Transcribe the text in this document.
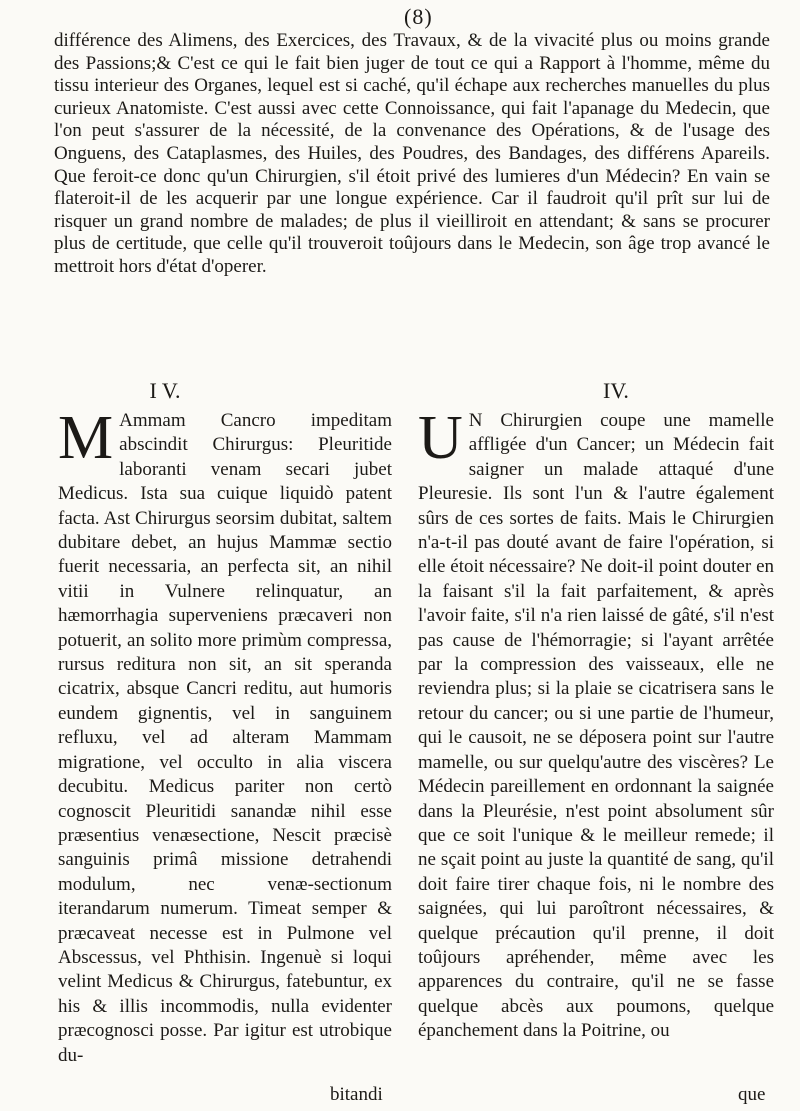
(8)

différence des Alimens, des Exercices, des Travaux, & de la vivacité plus ou moins grande des Passions;& C'est ce qui le fait bien juger de tout ce qui a Rapport à l'homme, même du tissu interieur des Organes, lequel est si caché, qu'il échape aux recherches manuelles du plus curieux Anatomiste. C'est aussi avec cette Connoissance, qui fait l'apanage du Medecin, que l'on peut s'assurer de la nécessité, de la convenance des Opérations, & de l'usage des Onguens, des Cataplasmes, des Huiles, des Poudres, des Bandages, des différens Apareils. Que feroit-ce donc qu'un Chirurgien, s'il étoit privé des lumieres d'un Médecin? En vain se flateroit-il de les acquerir par une longue expérience. Car il faudroit qu'il prît sur lui de risquer un grand nombre de malades; de plus il vieilliroit en attendant; & sans se procurer plus de certitude, que celle qu'il trouveroit toûjours dans le Medecin, son âge trop avancé le mettroit hors d'état d'operer.

I V.

M Ammam Cancro impeditam abscindit Chirurgus: Pleuritide laboranti venam secari jubet Medicus. Ista sua cuique liquidò patent facta. Ast Chirurgus seorsim dubitat, saltem dubitare debet, an hujus Mammæ sectio fuerit necessaria, an perfecta sit, an nihil vitii in Vulnere relinquatur, an hæmorrhagia superveniens præcaveri non potuerit, an solito more primùm compressa, rursus reditura non sit, an sit speranda cicatrix, absque Cancri reditu, aut humoris eundem gignentis, vel in sanguinem refluxu, vel ad alteram Mammam migratione, vel occulto in alia viscera decubitu. Medicus pariter non certò cognoscit Pleuritidi sanandæ nihil esse præsentius venæsectione, Nescit præcisè sanguinis primâ missione detrahendi modulum, nec venæ-sectionum iterandarum numerum. Timeat semper & præcaveat necesse est in Pulmone vel Abscessus, vel Phthisin. Ingenuè si loqui velint Medicus & Chirurgus, fatebuntur, ex his & illis incommodis, nulla evidenter præcognosci posse. Par igitur est utrobique du-

IV.

U N Chirurgien coupe une mamelle affligée d'un Cancer; un Médecin fait saigner un malade attaqué d'une Pleuresie. Ils sont l'un & l'autre également sûrs de ces sortes de faits. Mais le Chirurgien n'a-t-il pas douté avant de faire l'opération, si elle étoit nécessaire? Ne doit-il point douter en la faisant s'il la fait parfaitement, & après l'avoir faite, s'il n'a rien laissé de gâté, s'il n'est pas cause de l'hémorragie; si l'ayant arrêtée par la compression des vaisseaux, elle ne reviendra plus; si la plaie se cicatrisera sans le retour du cancer; ou si une partie de l'humeur, qui le causoit, ne se déposera point sur l'autre mamelle, ou sur quelqu'autre des viscères? Le Médecin pareillement en ordonnant la saignée dans la Pleurésie, n'est point absolument sûr que ce soit l'unique & le meilleur remede; il ne sçait point au juste la quantité de sang, qu'il doit faire tirer chaque fois, ni le nombre des saignées, qui lui paroîtront nécessaires, & quelque précaution qu'il prenne, il doit toûjours apréhender, même avec les apparences du contraire, qu'il ne se fasse quelque abcès aux poumons, quelque épanchement dans la Poitrine, ou

bitandi	que
